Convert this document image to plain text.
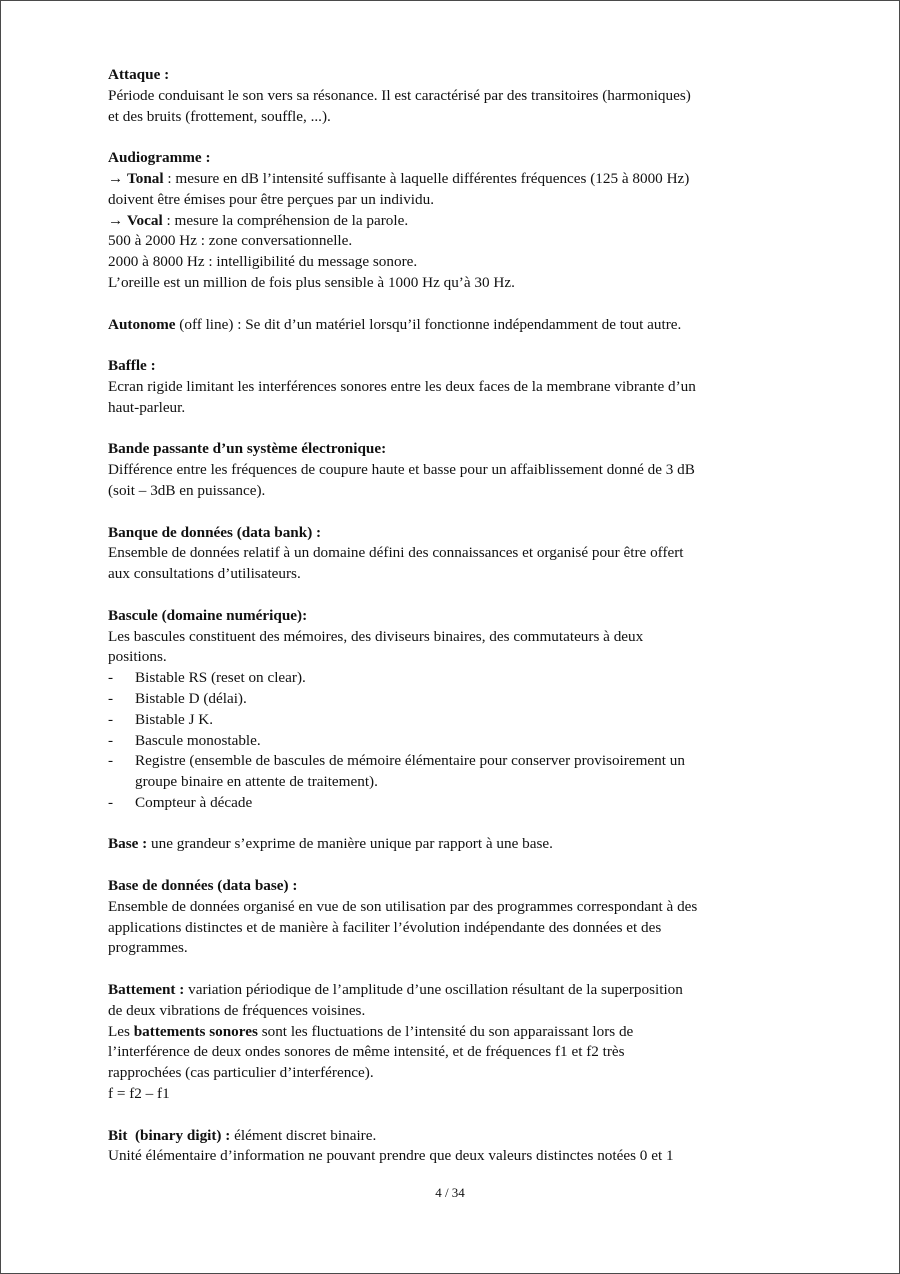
Attaque :

Période conduisant le son vers sa résonance. Il est caractérisé par des transitoires (harmoniques)

et des bruits (frottement, souffle, ...).

Audiogramme :

→ Tonal : mesure en dB l’intensité suffisante à laquelle différentes fréquences (125 à 8000 Hz)

doivent être émises pour être perçues par un individu.

→ Vocal : mesure la compréhension de la parole.

500 à 2000 Hz : zone conversationnelle.

2000 à 8000 Hz : intelligibilité du message sonore.

L’oreille est un million de fois plus sensible à 1000 Hz qu’à 30 Hz.

Autonome (off line) : Se dit d’un matériel lorsqu’il fonctionne indépendamment de tout autre.

Baffle :

Ecran rigide limitant les interférences sonores entre les deux faces de la membrane vibrante d’un

haut-parleur.

Bande passante d’un système électronique:

Différence entre les fréquences de coupure haute et basse pour un affaiblissement donné de 3 dB

(soit – 3dB en puissance).

Banque de données (data bank) :

Ensemble de données relatif à un domaine défini des connaissances et organisé pour être offert

aux consultations d’utilisateurs.

Bascule (domaine numérique):

Les bascules constituent des mémoires, des diviseurs binaires, des commutateurs à deux

positions.

- Bistable RS (reset on clear).
- Bistable D (délai).
- Bistable J K.
- Bascule monostable.
- Registre (ensemble de bascules de mémoire élémentaire pour conserver provisoirement un
groupe binaire en attente de traitement).
- Compteur à décade

Base : une grandeur s’exprime de manière unique par rapport à une base.

Base de données (data base) :

Ensemble de données organisé en vue de son utilisation par des programmes correspondant à des

applications distinctes et de manière à faciliter l’évolution indépendante des données et des

programmes.

Battement : variation périodique de l’amplitude d’une oscillation résultant de la superposition

de deux vibrations de fréquences voisines.

Les battements sonores sont les fluctuations de l’intensité du son apparaissant lors de

l’interférence de deux ondes sonores de même intensité, et de fréquences f1 et f2 très

rapprochées (cas particulier d’interférence).

f = f2 – f1

Bit  (binary digit) : élément discret binaire.

Unité élémentaire d’information ne pouvant prendre que deux valeurs distinctes notées 0 et 1

4 / 34
